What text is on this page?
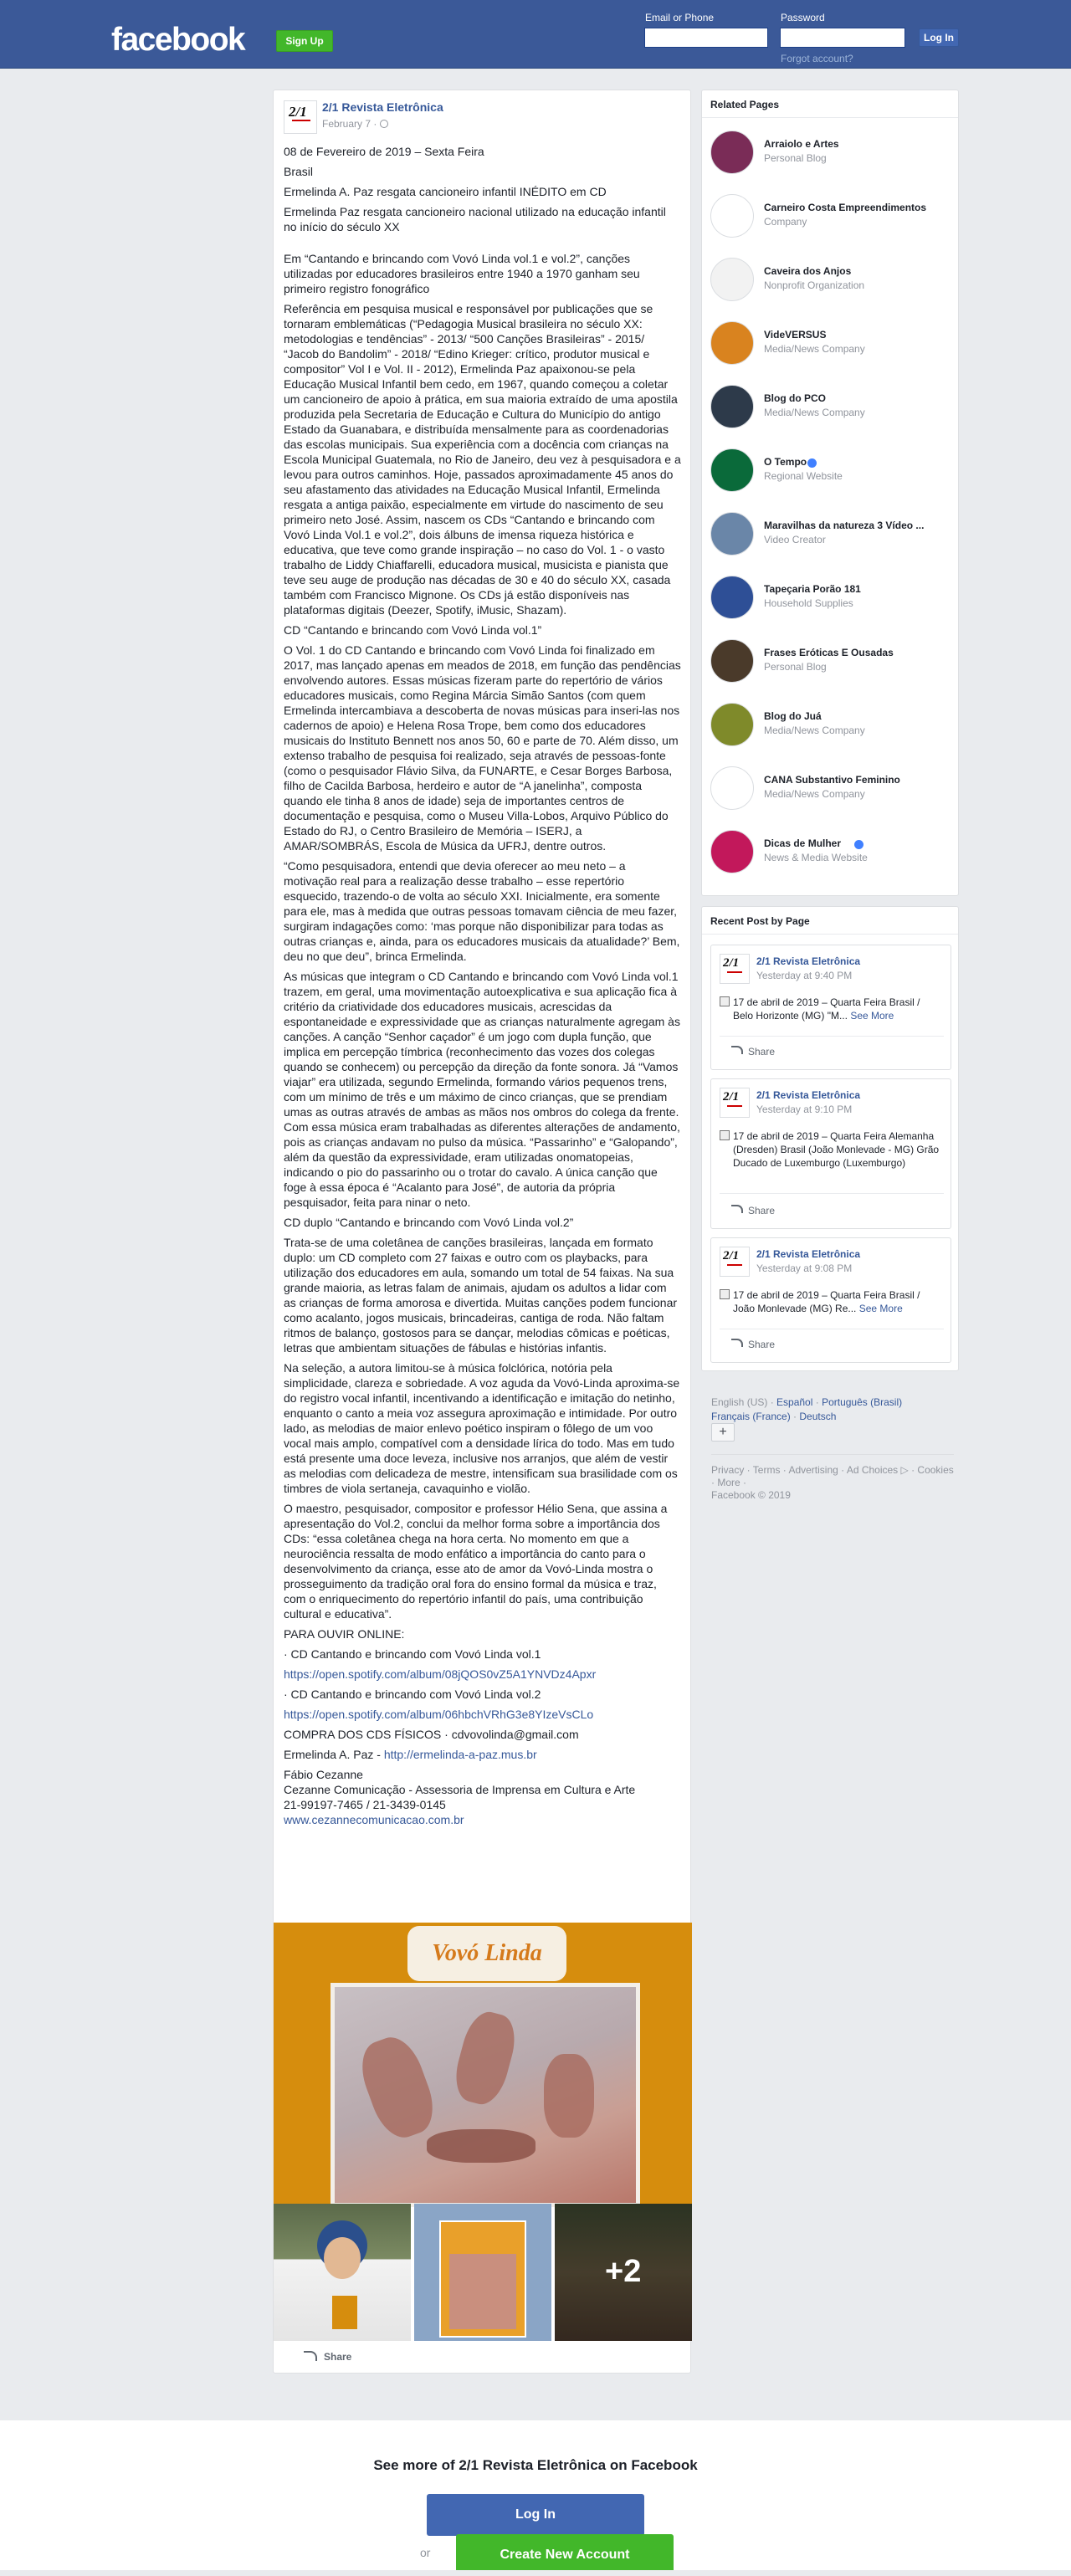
facebook	Sign Up
Email or Phone	Password
Log In
Forgot account?
2/1 2/1 Revista Eletrônica
February 7 ·

08 de Fevereiro de 2019 – Sexta Feira

Brasil

Ermelinda A. Paz resgata cancioneiro infantil INÉDITO em CD

Ermelinda Paz resgata cancioneiro nacional utilizado na educação infantil no início do século XX

Em “Cantando e brincando com Vovó Linda vol.1 e vol.2”, canções utilizadas por educadores brasileiros entre 1940 a 1970 ganham seu primeiro registro fonográfico

Referência em pesquisa musical e responsável por publicações que se tornaram emblemáticas (“Pedagogia Musical brasileira no século XX: metodologias e tendências” - 2013/ “500 Canções Brasileiras” - 2015/ “Jacob do Bandolim” - 2018/ “Edino Krieger: crítico, produtor musical e compositor” Vol I e Vol. II - 2012), Ermelinda Paz apaixonou-se pela Educação Musical Infantil bem cedo, em 1967, quando começou a coletar um cancioneiro de apoio à prática, em sua maioria extraído de uma apostila produzida pela Secretaria de Educação e Cultura do Município do antigo Estado da Guanabara, e distribuída mensalmente para as coordenadorias das escolas municipais. Sua experiência com a docência com crianças na Escola Municipal Guatemala, no Rio de Janeiro, deu vez à pesquisadora e a levou para outros caminhos. Hoje, passados aproximadamente 45 anos do seu afastamento das atividades na Educação Musical Infantil, Ermelinda resgata a antiga paixão, especialmente em virtude do nascimento de seu primeiro neto José. Assim, nascem os CDs “Cantando e brincando com Vovó Linda Vol.1 e vol.2”, dois álbuns de imensa riqueza histórica e educativa, que teve como grande inspiração – no caso do Vol. 1 - o vasto trabalho de Liddy Chiaffarelli, educadora musical, musicista e pianista que teve seu auge de produção nas décadas de 30 e 40 do século XX, casada também com Francisco Mignone. Os CDs já estão disponíveis nas plataformas digitais (Deezer, Spotify, iMusic, Shazam).

CD “Cantando e brincando com Vovó Linda vol.1”

O Vol. 1 do CD Cantando e brincando com Vovó Linda foi finalizado em 2017, mas lançado apenas em meados de 2018, em função das pendências envolvendo autores. Essas músicas fizeram parte do repertório de vários educadores musicais, como Regina Márcia Simão Santos (com quem Ermelinda intercambiava a descoberta de novas músicas para inseri-las nos cadernos de apoio) e Helena Rosa Trope, bem como dos educadores musicais do Instituto Bennett nos anos 50, 60 e parte de 70. Além disso, um extenso trabalho de pesquisa foi realizado, seja através de pessoas-fonte (como o pesquisador Flávio Silva, da FUNARTE, e Cesar Borges Barbosa, filho de Cacilda Barbosa, herdeiro e autor de “A janelinha”, composta quando ele tinha 8 anos de idade) seja de importantes centros de documentação e pesquisa, como o Museu Villa-Lobos, Arquivo Público do Estado do RJ, o Centro Brasileiro de Memória – ISERJ, a AMAR/SOMBRÁS, Escola de Música da UFRJ, dentre outros.

“Como pesquisadora, entendi que devia oferecer ao meu neto – a motivação real para a realização desse trabalho – esse repertório esquecido, trazendo-o de volta ao século XXI. Inicialmente, era somente para ele, mas à medida que outras pessoas tomavam ciência de meu fazer, surgiram indagações como: ‘mas porque não disponibilizar para todas as outras crianças e, ainda, para os educadores musicais da atualidade?’ Bem, deu no que deu”, brinca Ermelinda.

As músicas que integram o CD Cantando e brincando com Vovó Linda vol.1 trazem, em geral, uma movimentação autoexplicativa e sua aplicação fica à critério da criatividade dos educadores musicais, acrescidas da espontaneidade e expressividade que as crianças naturalmente agregam às canções. A canção “Senhor caçador” é um jogo com dupla função, que implica em percepção tímbrica (reconhecimento das vozes dos colegas quando se conhecem) ou percepção da direção da fonte sonora. Já “Vamos viajar” era utilizada, segundo Ermelinda, formando vários pequenos trens, com um mínimo de três e um máximo de cinco crianças, que se prendiam umas as outras através de ambas as mãos nos ombros do colega da frente. Com essa música eram trabalhadas as diferentes alterações de andamento, pois as crianças andavam no pulso da música. “Passarinho” e “Galopando”, além da questão da expressividade, eram utilizadas onomatopeias, indicando o pio do passarinho ou o trotar do cavalo. A única canção que foge à essa época é “Acalanto para José”, de autoria da própria pesquisador, feita para ninar o neto.

CD duplo “Cantando e brincando com Vovó Linda vol.2”

Trata-se de uma coletânea de canções brasileiras, lançada em formato duplo: um CD completo com 27 faixas e outro com os playbacks, para utilização dos educadores em aula, somando um total de 54 faixas. Na sua grande maioria, as letras falam de animais, ajudam os adultos a lidar com as crianças de forma amorosa e divertida. Muitas canções podem funcionar como acalanto, jogos musicais, brincadeiras, cantiga de roda. Não faltam ritmos de balanço, gostosos para se dançar, melodias cômicas e poéticas, letras que ambientam situações de fábulas e histórias infantis.

Na seleção, a autora limitou-se à música folclórica, notória pela simplicidade, clareza e sobriedade. A voz aguda da Vovó-Linda aproxima-se do registro vocal infantil, incentivando a identificação e imitação do netinho, enquanto o canto a meia voz assegura aproximação e intimidade. Por outro lado, as melodias de maior enlevo poético inspiram o fôlego de um voo vocal mais amplo, compatível com a densidade lírica do todo. Mas em tudo está presente uma doce leveza, inclusive nos arranjos, que além de vestir as melodias com delicadeza de mestre, intensificam sua brasilidade com os timbres de viola sertaneja, cavaquinho e violão.

O maestro, pesquisador, compositor e professor Hélio Sena, que assina a apresentação do Vol.2, conclui da melhor forma sobre a importância dos CDs: “essa coletânea chega na hora certa. No momento em que a neurociência ressalta de modo enfático a importância do canto para o desenvolvimento da criança, esse ato de amor da Vovó-Linda mostra o prosseguimento da tradição oral fora do ensino formal da música e traz, com o enriquecimento do repertório infantil do país, uma contribuição cultural e educativa”.

PARA OUVIR ONLINE:

· CD Cantando e brincando com Vovó Linda vol.1

https://open.spotify.com/album/08jQOS0vZ5A1YNVDz4Apxr

· CD Cantando e brincando com Vovó Linda vol.2

https://open.spotify.com/album/06hbchVRhG3e8YIzeVsCLo

COMPRA DOS CDS FÍSICOS · cdvovolinda@gmail.com

Ermelinda A. Paz - http://ermelinda-a-paz.mus.br

Fábio Cezanne
Cezanne Comunicação - Assessoria de Imprensa em Cultura e Arte
21-99197-7465 / 21-3439-0145
www.cezannecomunicacao.com.br
Vovó Linda
+2
Share
Related Pages
Arraiolo e Artes
Personal Blog
Carneiro Costa Empreendimentos
Company
Caveira dos Anjos
Nonprofit Organization
VideVERSUS
Media/News Company
Blog do PCO
Media/News Company
O Tempo
Regional Website
Maravilhas da natureza 3 Vídeo ...
Video Creator
Tapeçaria Porão 181
Household Supplies
Frases Eróticas E Ousadas
Personal Blog
Blog do Juá
Media/News Company
CANA Substantivo Feminino
Media/News Company
Dicas de Mulher
News & Media Website
Recent Post by Page
2/1 2/1 Revista Eletrônica
Yesterday at 9:40 PM
17 de abril de 2019 – Quarta Feira Brasil / Belo Horizonte (MG) "M... See More
Share
2/1 2/1 Revista Eletrônica
Yesterday at 9:10 PM
17 de abril de 2019 – Quarta Feira Alemanha (Dresden) Brasil (João Monlevade - MG) Grão Ducado de Luxemburgo (Luxemburgo)
Share
2/1 2/1 Revista Eletrônica
Yesterday at 9:08 PM
17 de abril de 2019 – Quarta Feira Brasil / João Monlevade (MG) Re... See More
Share
English (US) · Español · Português (Brasil)
Français (France) · Deutsch
+
Privacy · Terms · Advertising · Ad Choices ▷ · Cookies · More ·
Facebook © 2019
See more of 2/1 Revista Eletrônica on Facebook
Log In
or	Create New Account
